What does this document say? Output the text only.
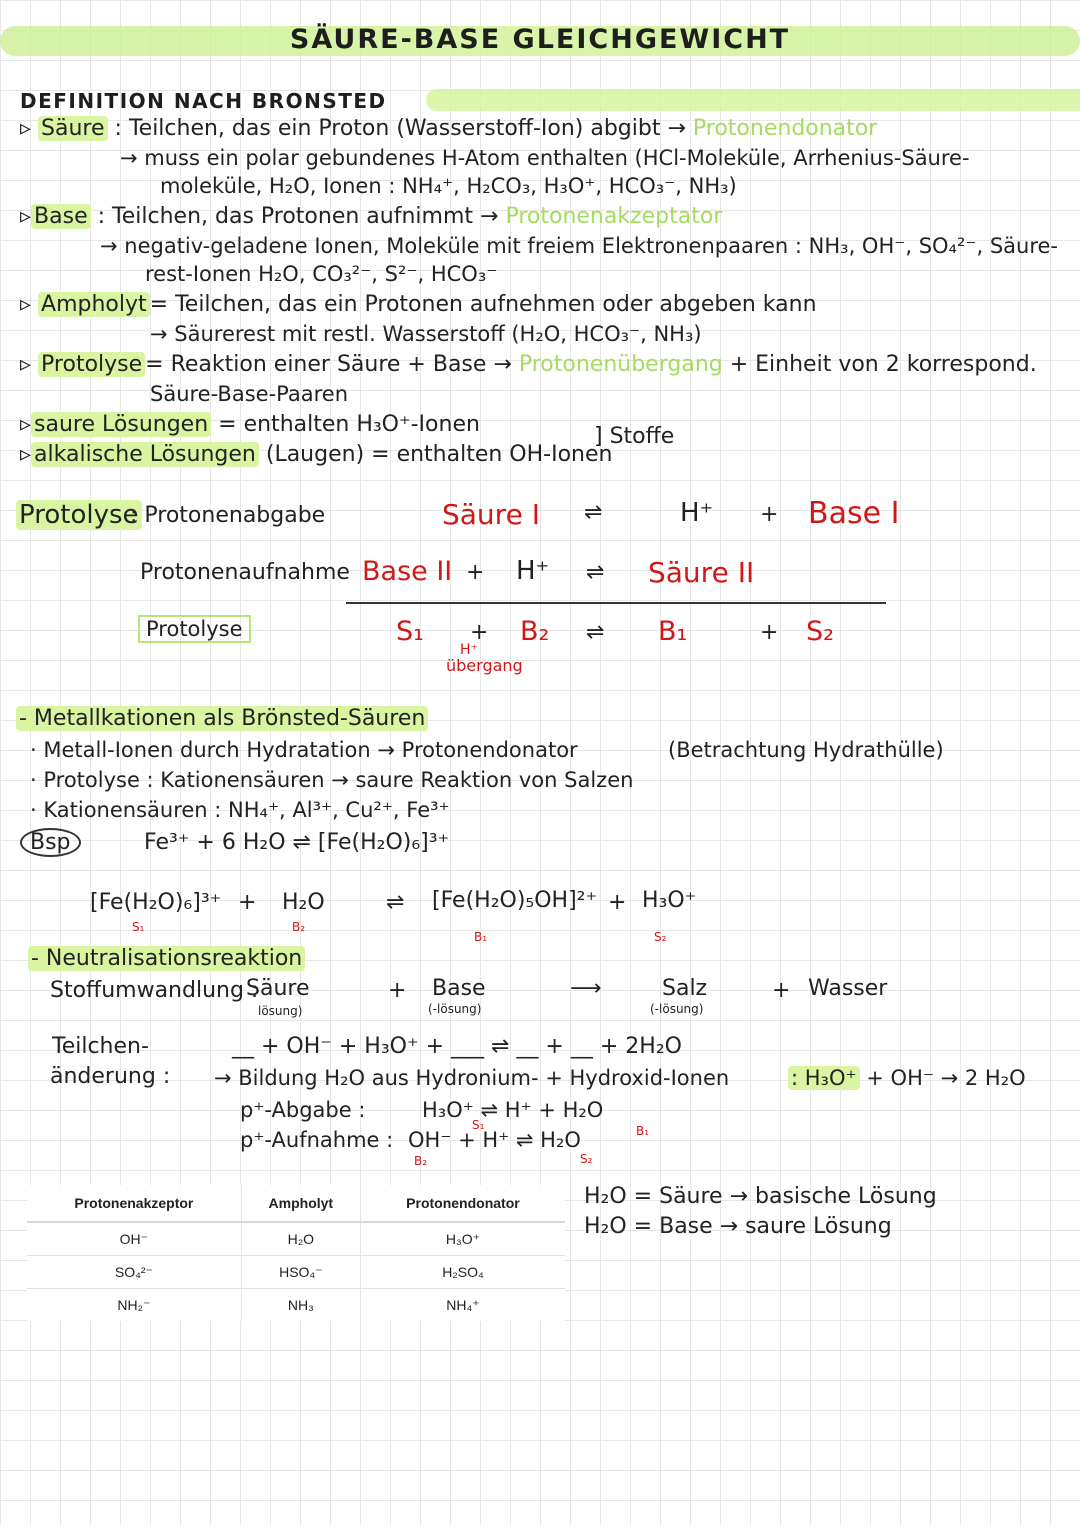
SÄURE-BASE GLEICHGEWICHT
DEFINITION NACH BRONSTED
▹ Säure : Teilchen, das ein Proton (Wasserstoff-Ion) abgibt → Protonendonator
→ muss ein polar gebundenes H-Atom enthalten (HCl-Moleküle, Arrhenius-Säure-
moleküle, H₂O, Ionen : NH₄⁺, H₂CO₃, H₃O⁺, HCO₃⁻, NH₃)
▹ Base : Teilchen, das Protonen aufnimmt → Protonenakzeptator
→ negativ-geladene Ionen, Moleküle mit freiem Elektronenpaaren : NH₃, OH⁻, SO₄²⁻, Säure-
rest-Ionen H₂O, CO₃²⁻, S²⁻, HCO₃⁻
▹ Ampholyt = Teilchen, das ein Protonen aufnehmen oder abgeben kann
→ Säurerest mit restl. Wasserstoff (H₂O, HCO₃⁻, NH₃)
▹ Protolyse = Reaktion einer Säure + Base → Protonenübergang + Einheit von 2 korrespond.
Säure-Base-Paaren
▹ saure Lösungen = enthalten H₃O⁺-Ionen
▹ alkalische Lösungen (Laugen) = enthalten OH-Ionen
] Stoffe
Protolyse
: Protonenabgabe	Säure I ⇌	H⁺ + Base I
Protonenaufnahme Base II + H⁺ ⇌ Säure II
Protolyse	S₁ + B₂ ⇌ B₁	+ S₂
H⁺
übergang
- Metallkationen als Brönsted-Säuren
· Metall-Ionen durch Hydratation → Protonendonator	(Betrachtung Hydrathülle)
· Protolyse : Kationensäuren → saure Reaktion von Salzen
· Kationensäuren : NH₄⁺, Al³⁺, Cu²⁺, Fe³⁺
Bsp	Fe³⁺ + 6 H₂O ⇌ [Fe(H₂O)₆]³⁺
[Fe(H₂O)₆]³⁺ + H₂O	⇌ [Fe(H₂O)₅OH]²⁺ + H₃O⁺
S₁	B₂
B₁	S₂
- Neutralisationsreaktion
Stoffumwandlung :
Säure
lösung)
+ Base
(-lösung)
⟶	Salz
(-lösung)
+ Wasser
Teilchen-
änderung :
__ + OH⁻ + H₃O⁺ + ___ ⇌ __ + __ + 2H₂O
→ Bildung H₂O aus Hydronium- + Hydroxid-Ionen	: H₃O⁺ + OH⁻ → 2 H₂O
p⁺-Abgabe :	H₃O⁺ ⇌ H⁺ + H₂O
p⁺-Aufnahme : OH⁻ + H⁺ ⇌ H₂O
S₁	B₁
B₂	S₂
Protonenakzeptor	Ampholyt	Protonendonator
OH⁻	H₂O	H₃O⁺
SO₄²⁻	HSO₄⁻	H₂SO₄
NH₂⁻	NH₃	NH₄⁺
H₂O = Säure → basische Lösung
H₂O = Base → saure Lösung
